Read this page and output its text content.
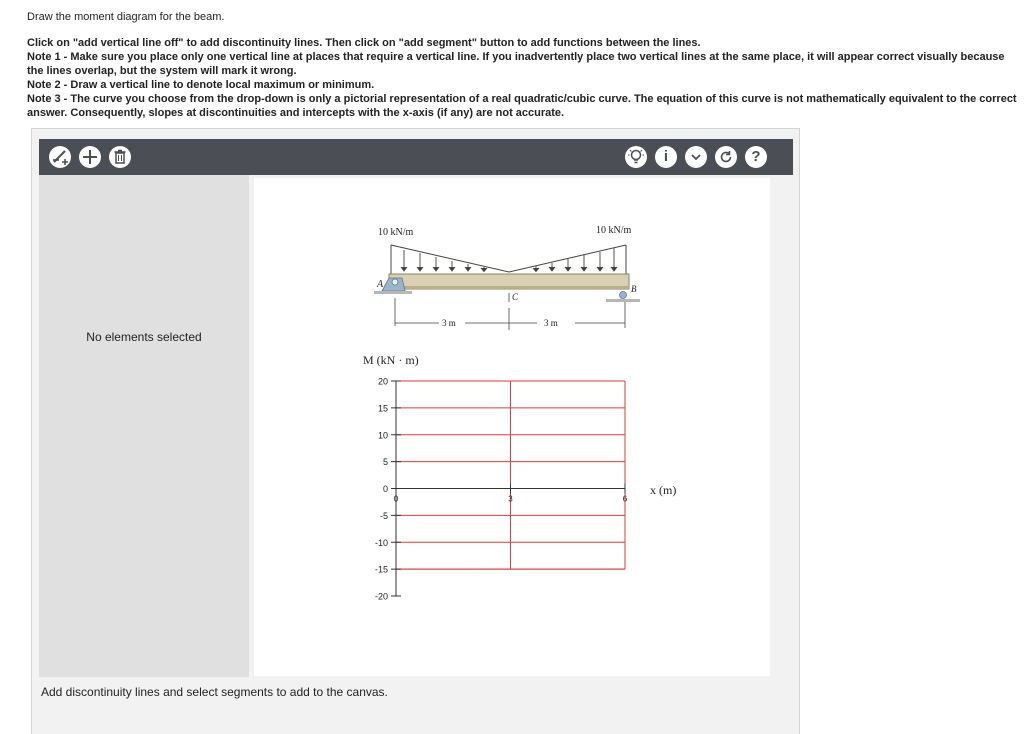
Draw the moment diagram for the beam.
Click on "add vertical line off" to add discontinuity lines. Then click on "add segment" button to add functions between the lines.
Note 1 - Make sure you place only one vertical line at places that require a vertical line. If you inadvertently place two vertical lines at the same place, it will appear correct visually because the lines overlap, but the system will mark it wrong.
Note 2 - Draw a vertical line to denote local maximum or minimum.
Note 3 - The curve you choose from the drop-down is only a pictorial representation of a real quadratic/cubic curve. The equation of this curve is not mathematically equivalent to the correct answer. Consequently, slopes at discontinuities and intercepts with the x-axis (if any) are not accurate.
i	?
No elements selected
10 kN/m	10 kN/m
A	B
C
3 m	3 m
M (kN · m)
x (m)
20
15
10
5
0
-5
-10
-15
-20
0	3	6
Add discontinuity lines and select segments to add to the canvas.
